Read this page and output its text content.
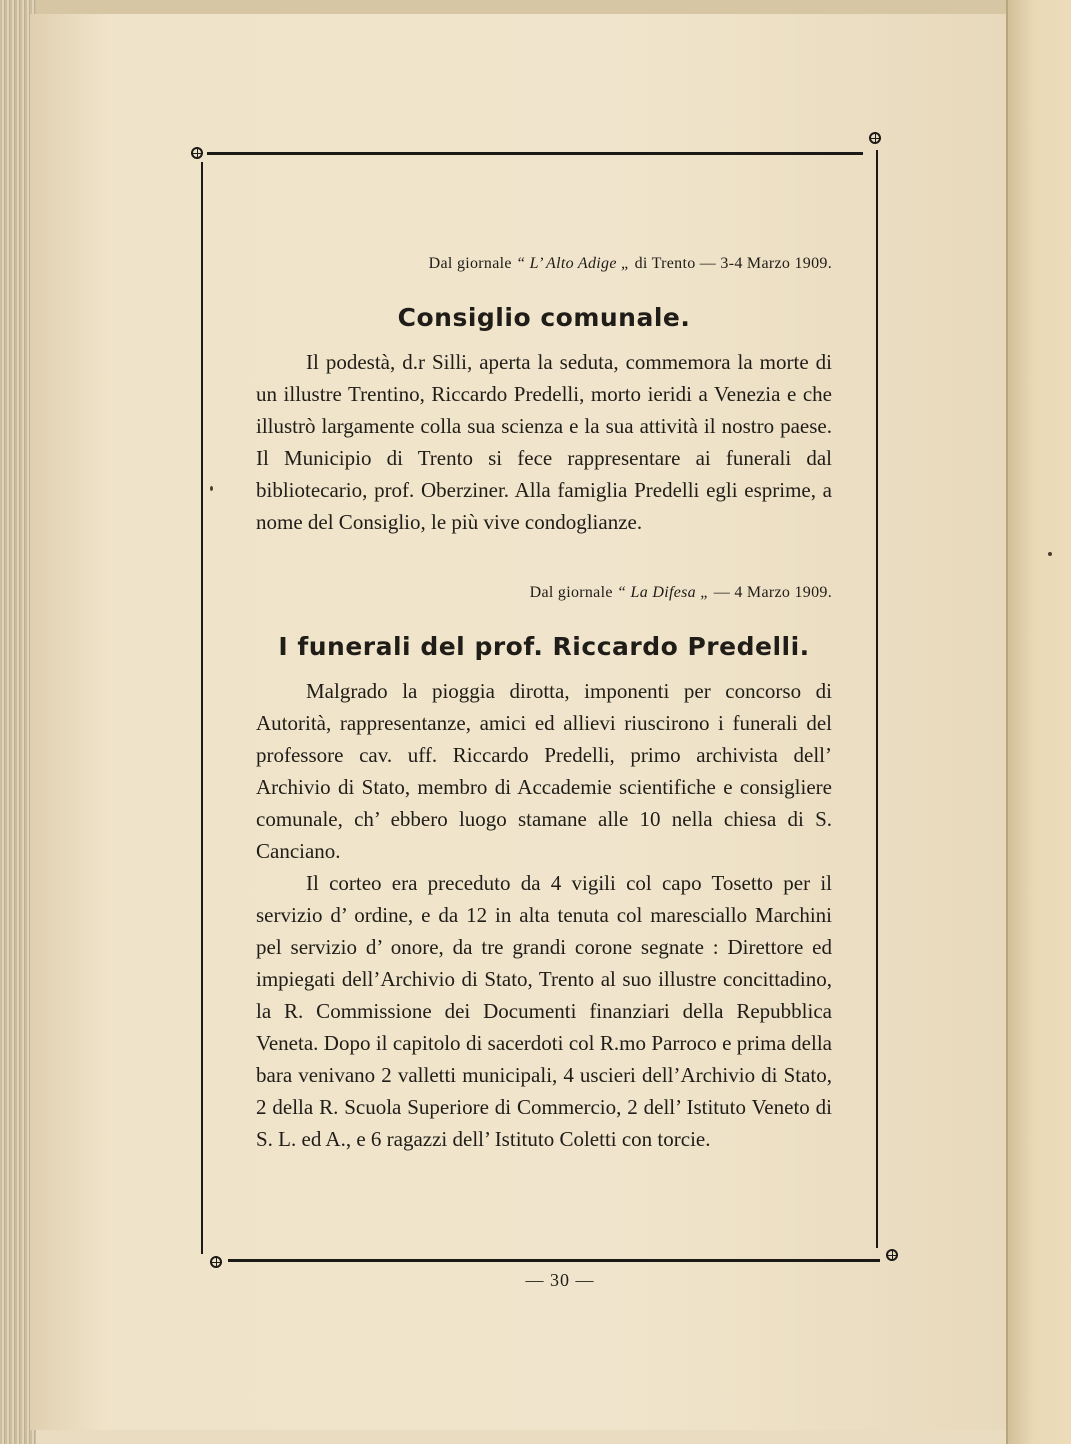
Dal giornale “ L’ Alto Adige „ di Trento — 3-4 Marzo 1909.

Consiglio comunale.

Il podestà, d.r Silli, aperta la seduta, commemora la morte di un illustre Trentino, Riccardo Predelli, morto ieridi a Venezia e che illustrò largamente colla sua scienza e la sua attività il nostro paese. Il Municipio di Trento si fece rappresentare ai funerali dal bibliotecario, prof. Oberziner. Alla famiglia Predelli egli esprime, a nome del Consiglio, le più vive condoglianze.

Dal giornale “ La Difesa „ — 4 Marzo 1909.

I funerali del prof. Riccardo Predelli.

Malgrado la pioggia dirotta, imponenti per concorso di Autorità, rappresentanze, amici ed allievi riuscirono i funerali del professore cav. uff. Riccardo Predelli, primo archivista dell’ Archivio di Stato, membro di Accademie scientifiche e consigliere comunale, ch’ ebbero luogo stamane alle 10 nella chiesa di S. Canciano.

Il corteo era preceduto da 4 vigili col capo Tosetto per il servizio d’ ordine, e da 12 in alta tenuta col maresciallo Marchini pel servizio d’ onore, da tre grandi corone segnate : Direttore ed impiegati dell’Archivio di Stato, Trento al suo illustre concittadino, la R. Commissione dei Documenti finanziari della Repubblica Veneta. Dopo il capitolo di sacerdoti col R.mo Parroco e prima della bara venivano 2 valletti municipali, 4 uscieri dell’Archivio di Stato, 2 della R. Scuola Superiore di Commercio, 2 dell’ Istituto Veneto di S. L. ed A., e 6 ragazzi dell’ Istituto Coletti con torcie.

— 30 —
